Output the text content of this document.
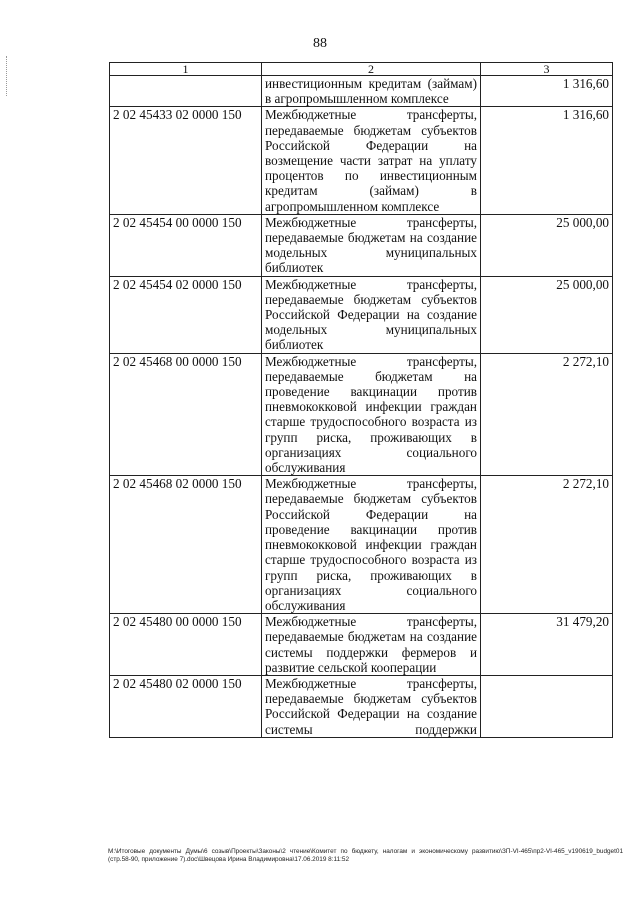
88
1	2	3
	инвестиционным кредитам (займам) в агропромышленном комплексе	1 316,60
2 02 45433 02 0000 150	Межбюджетные трансферты, передаваемые бюджетам субъектов Российской Федерации на возмещение части затрат на уплату процентов по инвестиционным кредитам (займам) в агропромышленном комплексе	1 316,60
2 02 45454 00 0000 150	Межбюджетные трансферты, передаваемые бюджетам на создание модельных муниципальных библиотек	25 000,00
2 02 45454 02 0000 150	Межбюджетные трансферты, передаваемые бюджетам субъектов Российской Федерации на создание модельных муниципальных библиотек	25 000,00
2 02 45468 00 0000 150	Межбюджетные трансферты, передаваемые бюджетам на проведение вакцинации против пневмококковой инфекции граждан старше трудоспособного возраста из групп риска, проживающих в организациях социального обслуживания	2 272,10
2 02 45468 02 0000 150	Межбюджетные трансферты, передаваемые бюджетам субъектов Российской Федерации на проведение вакцинации против пневмококковой инфекции граждан старше трудоспособного возраста из групп риска, проживающих в организациях социального обслуживания	2 272,10
2 02 45480 00 0000 150	Межбюджетные трансферты, передаваемые бюджетам на создание системы поддержки фермеров и развитие сельской кооперации	31 479,20
2 02 45480 02 0000 150	Межбюджетные трансферты, передаваемые бюджетам субъектов Российской Федерации на создание системы поддержки	
M:\Итоговые документы Думы\6 созыв\Проекты\Законы\2 чтение\Комитет по бюджету, налогам и экономическому развитию\ЗП-VI-465\пр2-VI-465_v190619_budget01 (стр.58-90, приложение 7).doc\Швецова Ирина Владимировна\17.06.2019 8:11:52
